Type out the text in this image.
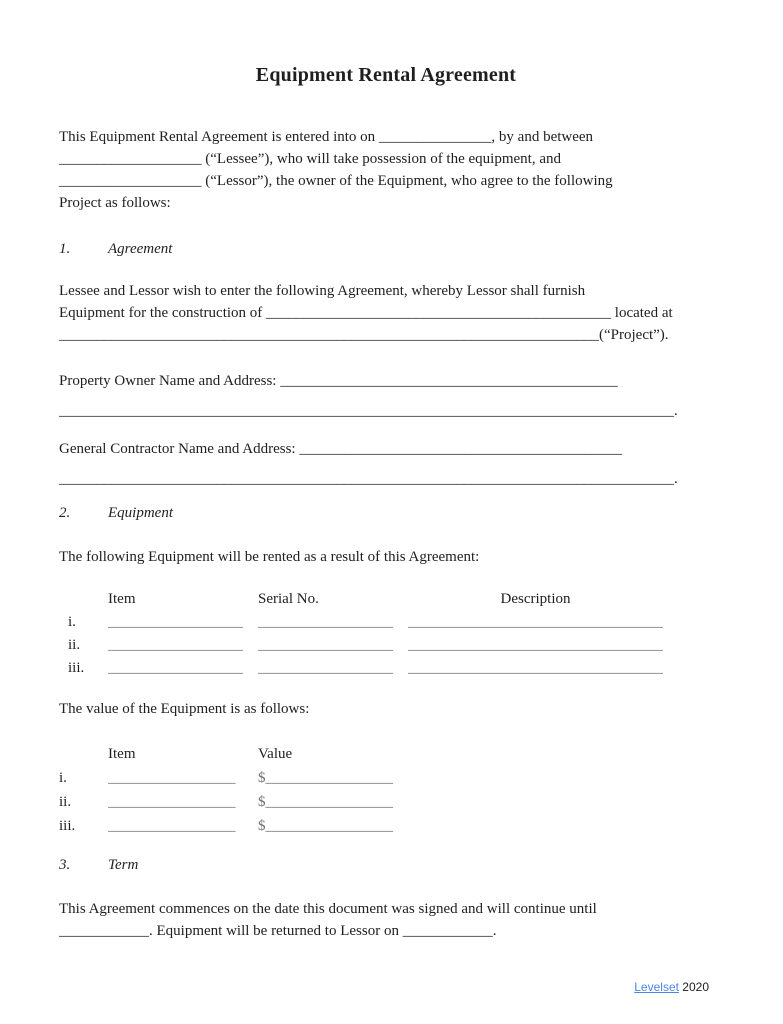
Equipment Rental Agreement
This Equipment Rental Agreement is entered into on _______________, by and between
___________________ (“Lessee”), who will take possession of the equipment, and
___________________ (“Lessor”), the owner of the Equipment, who agree to the following
Project as follows:
1.	Agreement
Lessee and Lessor wish to enter the following Agreement, whereby Lessor shall furnish
Equipment for the construction of ______________________________________________ located at
________________________________________________________________________(“Project”).
Property Owner Name and Address: _____________________________________________
__________________________________________________________________________________.
General Contractor Name and Address: ___________________________________________
__________________________________________________________________________________.
2.	Equipment
The following Equipment will be rented as a result of this Agreement:
Item	Serial No.	Description
i.	__________________	__________________	__________________________________
ii.	__________________	__________________	__________________________________
iii.	__________________	__________________	__________________________________
The value of the Equipment is as follows:
Item	Value
i.	_________________	$_________________
ii.	_________________	$_________________
iii.	_________________	$_________________
3.	Term
This Agreement commences on the date this document was signed and will continue until
____________. Equipment will be returned to Lessor on ____________.
Levelset 2020
